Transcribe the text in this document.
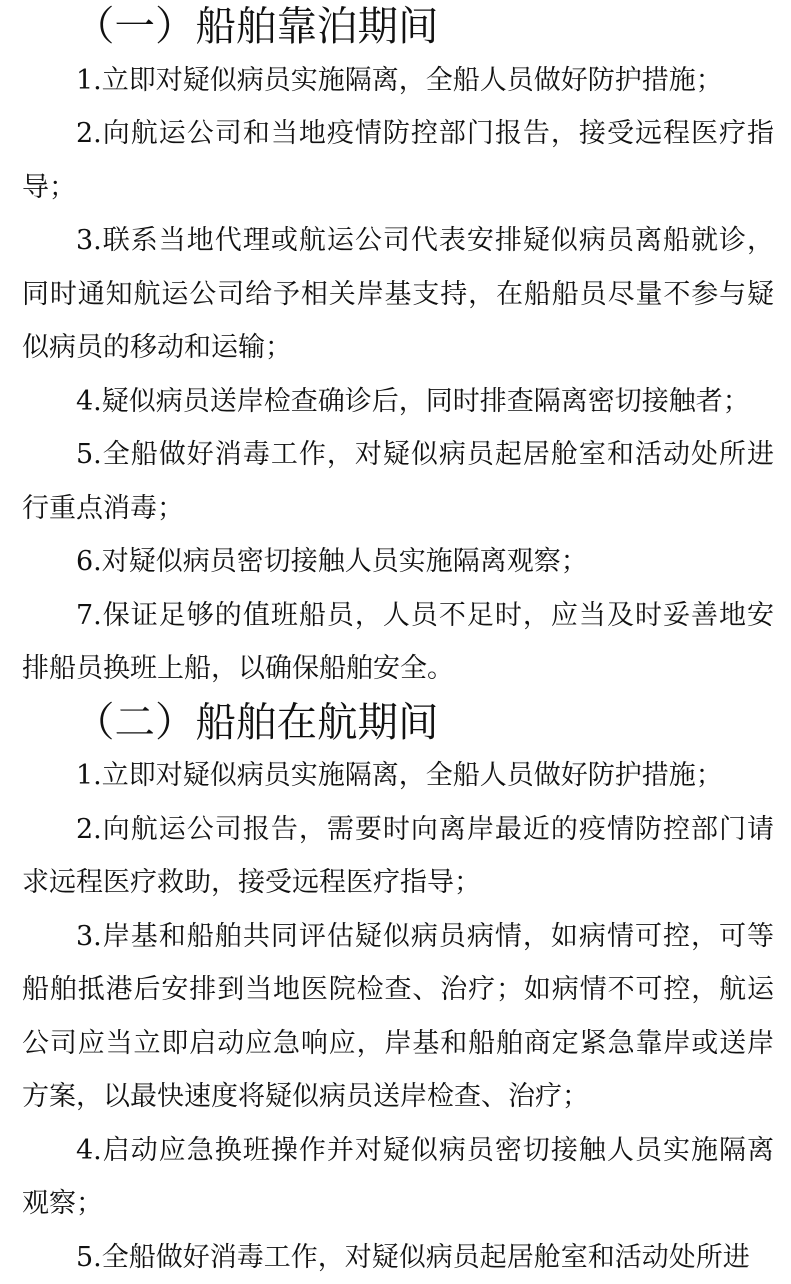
（一）船舶靠泊期间

1.立即对疑似病员实施隔离，全船人员做好防护措施；

2.向航运公司和当地疫情防控部门报告，接受远程医疗指导；

3.联系当地代理或航运公司代表安排疑似病员离船就诊，同时通知航运公司给予相关岸基支持，在船船员尽量不参与疑似病员的移动和运输；

4.疑似病员送岸检查确诊后，同时排查隔离密切接触者；

5.全船做好消毒工作，对疑似病员起居舱室和活动处所进行重点消毒；

6.对疑似病员密切接触人员实施隔离观察；

7.保证足够的值班船员，人员不足时，应当及时妥善地安排船员换班上船，以确保船舶安全。

（二）船舶在航期间

1.立即对疑似病员实施隔离，全船人员做好防护措施；

2.向航运公司报告，需要时向离岸最近的疫情防控部门请求远程医疗救助，接受远程医疗指导；

3.岸基和船舶共同评估疑似病员病情，如病情可控，可等船舶抵港后安排到当地医院检查、治疗；如病情不可控，航运公司应当立即启动应急响应，岸基和船舶商定紧急靠岸或送岸方案，以最快速度将疑似病员送岸检查、治疗；

4.启动应急换班操作并对疑似病员密切接触人员实施隔离观察；

5.全船做好消毒工作，对疑似病员起居舱室和活动处所进
